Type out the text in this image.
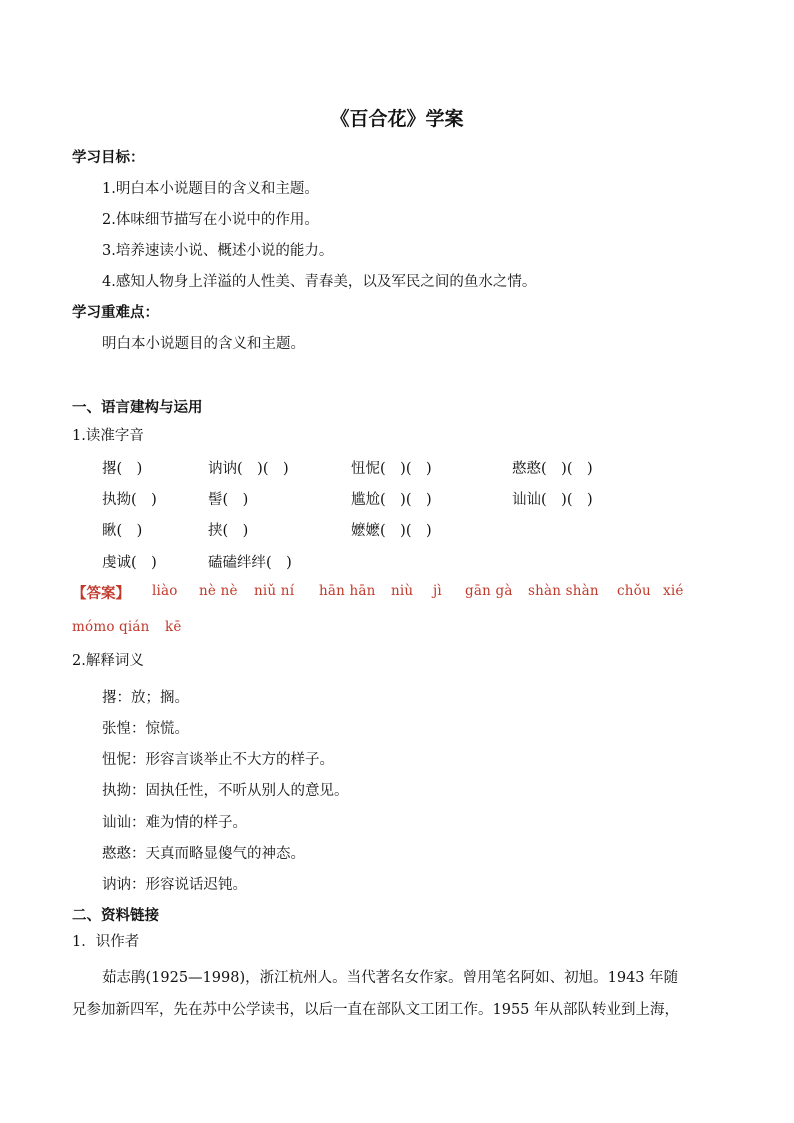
《百合花》学案
学习目标：
1.明白本小说题目的含义和主题。
2.体味细节描写在小说中的作用。
3.培养速读小说、概述小说的能力。
4.感知人物身上洋溢的人性美、青春美，以及军民之间的鱼水之情。
学习重难点：
明白本小说题目的含义和主题。
一、语言建构与运用
1.读准字音
撂(　)	讷讷(　)(　)	忸怩(　)(　)	憨憨(　)(　)
执拗(　)	髻(　)	尴尬(　)(　)	讪讪(　)(　)
瞅(　)	挟(　)	嬷嬷(　)(　)
虔诚(　)	磕磕绊绊(　)
【答案】 liào nè nè niǔ ní hān hān niù jì gān gà shàn shàn chǒu xié
mómo qián kē
2.解释词义
撂：放；搁。
张惶：惊慌。
忸怩：形容言谈举止不大方的样子。
执拗：固执任性，不听从别人的意见。
讪讪：难为情的样子。
憨憨：天真而略显傻气的神态。
讷讷：形容说话迟钝。
二、资料链接
1．识作者
茹志鹃(1925—1998)，浙江杭州人。当代著名女作家。曾用笔名阿如、初旭。1943 年随
兄参加新四军，先在苏中公学读书，以后一直在部队文工团工作。1955 年从部队转业到上海，
